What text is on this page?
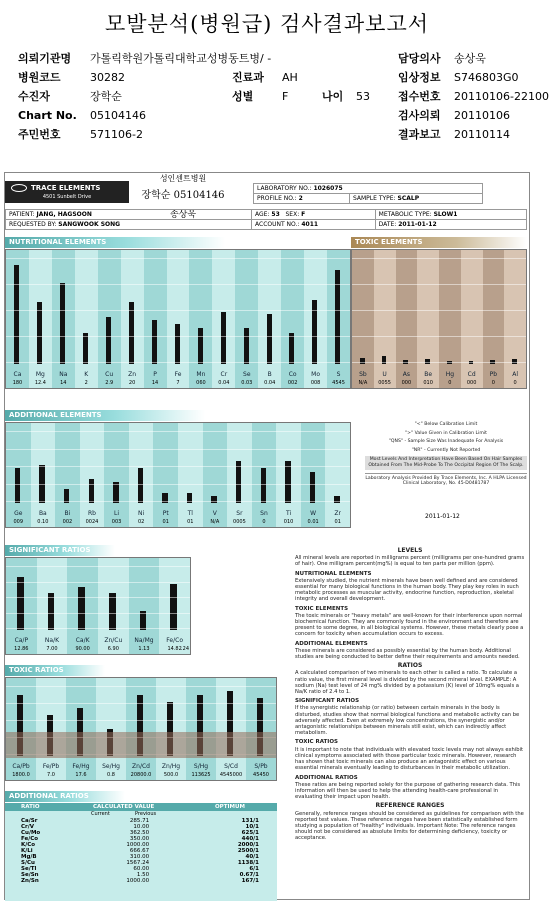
모발분석(병원급) 검사결과보고서
의뢰기관명 가톨릭학원가톨릭대학교성병동트병/ -	담당의사 송상욱
병원코드	30282	진료과 AH	임상정보 S746803G0
수진자	장학순	성별	F	나이 53	접수번호 20110106-22100
Chart No. 05104146	검사의뢰 20110106
주민번호	571106-2	결과보고 20110114
TRACE ELEMENTS
4501 Sunbelt Drive
성인센트병원
장학순 05104146
송상욱
LABORATORY NO.: 1026075
PROFILE NO.: 2	SAMPLE TYPE: SCALP
PATIENT: JANG, HAGSOON	AGE: 53 SEX: F	METABOLIC TYPE: SLOW1
REQUESTED BY: SANGWOOK SONG	ACCOUNT NO.: 4011	DATE: 2011-01-12
NUTRITIONAL ELEMENTS	TOXIC ELEMENTS
Ca
180
Mg
12.4
Na
14
K
2
Cu
2.9
Zn
20
P
14
Fe
7
Mn
060
Cr
0.04
Se
0.03
B
0.04
Co
002
Mo
008
S
4545
Sb
N/A
U
0055
As
000
Be
010
Hg
0
Cd
000
Pb
0
Al
0
ADDITIONAL ELEMENTS
Ge
009
Ba
0.10
Bi
002
Rb
0024
Li
003
Ni
02
Pt
01
Tl
01
V
N/A
Sr
0005
Sn
0
Ti
010
W
0.01
Zr
01
"<" Below Calibration Limit
">" Value Given in Calibration Limit
"QNS" - Sample Size Was Inadequate For Analysis
"NR" - Currently Not Reported
Most Levels And Interpretation Have Been Based On Hair Samples Obtained From The Mid-Probe To The Occipital Region Of The Scalp.
Laboratory Analysis Provided By Trace Elements, Inc. A HLPA Licensed Clinical Laboratory, No. 45-D0481787
2011-01-12
SIGNIFICANT RATIOS
Ca/P
12.86
Na/K
7.00
Ca/K
90.00
Zn/Cu
6.90
Na/Mg
1.13
Fe/Co
14.82 .24
TOXIC RATIOS
Ca/Pb
1800.0
Fe/Pb
7.0
Fe/Hg
17.6
Se/Hg
0.8
Zn/Cd
20800.0
Zn/Hg
500.0
S/Hg
113625
S/Cd
4545000
S/Pb
45450
ADDITIONAL RATIOS
RATIO	CALCULATED VALUE	OPTIMUM
Current	Previous
Ca/Sr	285.71		131/1
Cr/V	10.00		10/1
Cu/Mo	362.50		625/1
Fe/Co	350.00		440/1
K/Co	1000.00		2000/1
K/Li	666.67		2500/1
Mg/B	310.00		40/1
S/Cu	1567.24		1138/1
Se/Tl	60.00		6/1
Se/Sn	1.50		0.67/1
Zn/Sn	1000.00		167/1
LEVELS

All mineral levels are reported in milligrams percent (milligrams per one-hundred grams of hair). One milligram percent(mg%) is equal to ten parts per million (ppm).

NUTRITIONAL ELEMENTS

Extensively studied, the nutrient minerals have been well defined and are considered essential for many biological functions in the human body. They play key roles in such metabolic processes as muscular activity, endocrine function, reproduction, skeletal integrity and overall development.

TOXIC ELEMENTS

The toxic minerals or "heavy metals" are well-known for their interference upon normal biochemical function. They are commonly found in the environment and therefore are present to some degree, in all biological systems. However, these metals clearly pose a concern for toxicity when accumulation occurs to excess.

ADDITIONAL ELEMENTS

These minerals are considered as possibly essential by the human body. Additional studies are being conducted to better define their requirements and amounts needed.

RATIOS

A calculated comparison of two minerals to each other is called a ratio. To calculate a ratio value, the first mineral level is divided by the second mineral level. EXAMPLE: A sodium (Na) test level of 24 mg% divided by a potassium (K) level of 10mg% equals a Na/K ratio of 2.4 to 1.

SIGNIFICANT RATIOS

If the synergistic relationship (or ratio) between certain minerals in the body is disturbed, studies show that normal biological functions and metabolic activity can be adversely affected. Even at extremely low concentrations, the synergistic and/or antagonistic relationships between minerals still exist, which can indirectly affect metabolism.

TOXIC RATIOS

It is important to note that individuals with elevated toxic levels may not always exhibit clinical symptoms associated with those particular toxic minerals. However, research has shown that toxic minerals can also produce an antagonistic effect on various essential minerals eventually leading to disturbances in their metabolic utilization.

ADDITIONAL RATIOS

These ratios are being reported solely for the purpose of gathering research data. This information will then be used to help the attending health-care professional in evaluating their impact upon health.

REFERENCE RANGES

Generally, reference ranges should be considered as guidelines for comparison with the reported test values. These reference ranges have been statistically established form studying a population of "healthy" individuals. Important Note: The reference ranges should not be considered as absolute limits for determining deficiency, toxicity or acceptance.
